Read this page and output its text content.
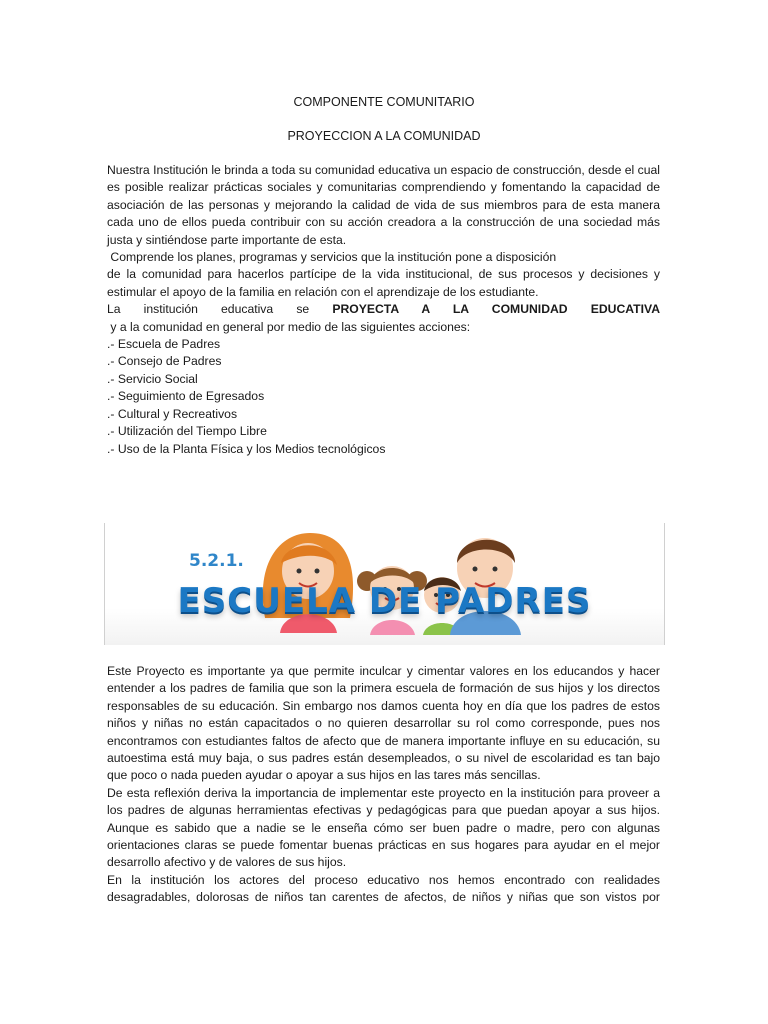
COMPONENTE COMUNITARIO
PROYECCION A LA COMUNIDAD

Nuestra Institución le brinda a toda su comunidad educativa un espacio de construcción, desde el cual es posible realizar prácticas sociales y comunitarias comprendiendo y fomentando la capacidad de asociación de las personas y mejorando la calidad de vida de sus miembros para de esta manera cada uno de ellos pueda contribuir con su acción creadora a la construcción de una sociedad más justa y sintiéndose parte importante de esta.

Comprende los planes, programas y servicios que la institución pone a disposición

de la comunidad para hacerlos partícipe de la vida institucional, de sus procesos y decisiones y estimular el apoyo de la familia en relación con el aprendizaje de los estudiante.

La institución educativa se PROYECTA A LA COMUNIDAD EDUCATIVA y a la comunidad en general por medio de las siguientes acciones:

.- Escuela de Padres
.- Consejo de Padres
.- Servicio Social
.- Seguimiento de Egresados
.- Cultural y Recreativos
.- Utilización del Tiempo Libre
.- Uso de la Planta Física y los Medios tecnológicos
5.2.1.
ESCUELA DE PADRES

Este Proyecto es importante ya que permite inculcar y cimentar valores en los educandos y hacer entender a los padres de familia que son la primera escuela de formación de sus hijos y los directos responsables de su educación. Sin embargo nos damos cuenta hoy en día que los padres de estos niños y niñas no están capacitados o no quieren desarrollar su rol como corresponde, pues nos encontramos con estudiantes faltos de afecto que de manera importante influye en su educación, su autoestima está muy baja, o sus padres están desempleados, o su nivel de escolaridad es tan bajo que poco o nada pueden ayudar o apoyar a sus hijos en las tares más sencillas.

De esta reflexión deriva la importancia de implementar este proyecto en la institución para proveer a los padres de algunas herramientas efectivas y pedagógicas para que puedan apoyar a sus hijos. Aunque es sabido que a nadie se le enseña cómo ser buen padre o madre, pero con algunas orientaciones claras se puede fomentar buenas prácticas en sus hogares para ayudar en el mejor desarrollo afectivo y de valores de sus hijos.

En la institución los actores del proceso educativo nos hemos encontrado con realidades desagradables, dolorosas de niños tan carentes de afectos, de niños y niñas que son vistos por
